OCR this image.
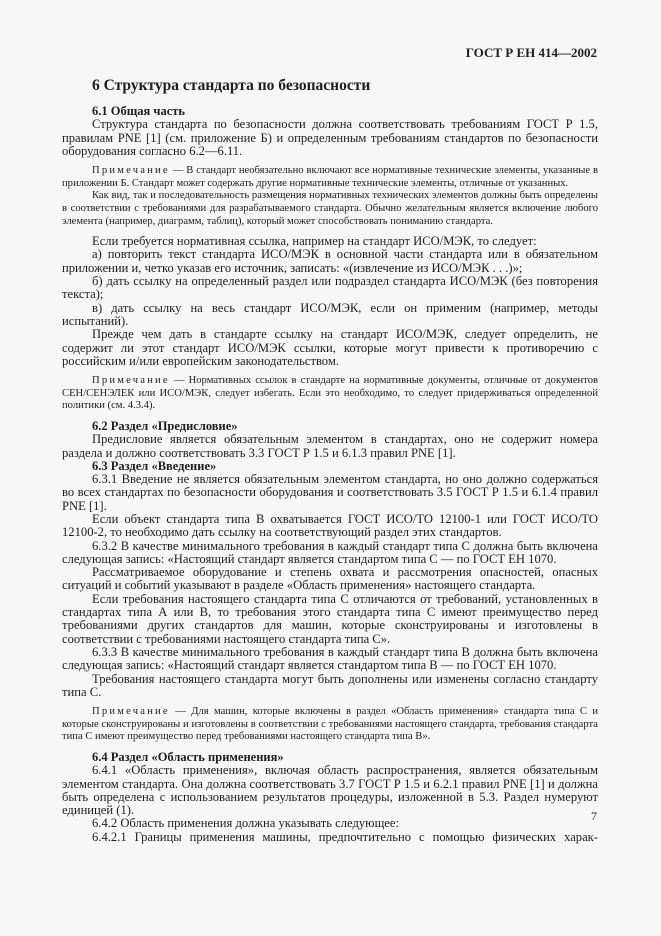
ГОСТ Р ЕН 414—2002
6 Структура стандарта по безопасности

6.1 Общая часть

Структура стандарта по безопасности должна соответствовать требованиям ГОСТ Р 1.5, правилам PNE [1] (см. приложение Б) и определенным требованиям стандартов по безопасности оборудования согласно 6.2—6.11.

Примечание — В стандарт необязательно включают все нормативные технические элементы, указанные в приложении Б. Стандарт может содержать другие нормативные технические элементы, отличные от указанных.

Как вид, так и последовательность размещения нормативных технических элементов должны быть определены в соответствии с требованиями для разрабатываемого стандарта. Обычно желательным является включение любого элемента (например, диаграмм, таблиц), который может способствовать пониманию стандарта.

Если требуется нормативная ссылка, например на стандарт ИСО/МЭК, то следует:

а) повторить текст стандарта ИСО/МЭК в основной части стандарта или в обязательном приложении и, четко указав его источник, записать: «(извлечение из ИСО/МЭК . . .)»;

б) дать ссылку на определенный раздел или подраздел стандарта ИСО/МЭК (без повторения текста);

в) дать ссылку на весь стандарт ИСО/МЭК, если он применим (например, методы испытаний).

Прежде чем дать в стандарте ссылку на стандарт ИСО/МЭК, следует определить, не содержит ли этот стандарт ИСО/МЭК ссылки, которые могут привести к противоречию с российским и/или европейским законодательством.

Примечание — Нормативных ссылок в стандарте на нормативные документы, отличные от документов СЕН/СЕНЭЛЕК или ИСО/МЭК, следует избегать. Если это необходимо, то следует придерживаться определенной политики (см. 4.3.4).

6.2 Раздел «Предисловие»

Предисловие является обязательным элементом в стандартах, оно не содержит номера раздела и должно соответствовать 3.3 ГОСТ Р 1.5 и 6.1.3 правил PNE [1].

6.3 Раздел «Введение»

6.3.1 Введение не является обязательным элементом стандарта, но оно должно содержаться во всех стандартах по безопасности оборудования и соответствовать 3.5 ГОСТ Р 1.5 и 6.1.4 правил PNE [1].

Если объект стандарта типа В охватывается ГОСТ ИСО/ТО 12100-1 или ГОСТ ИСО/ТО 12100-2, то необходимо дать ссылку на соответствующий раздел этих стандартов.

6.3.2 В качестве минимального требования в каждый стандарт типа С должна быть включена следующая запись: «Настоящий стандарт является стандартом типа С — по ГОСТ ЕН 1070.

Рассматриваемое оборудование и степень охвата и рассмотрения опасностей, опасных ситуаций и событий указывают в разделе «Область применения» настоящего стандарта.

Если требования настоящего стандарта типа С отличаются от требований, установленных в стандартах типа А или В, то требования этого стандарта типа С имеют преимущество перед требованиями других стандартов для машин, которые сконструированы и изготовлены в соответствии с требованиями настоящего стандарта типа С».

6.3.3 В качестве минимального требования в каждый стандарт типа В должна быть включена следующая запись: «Настоящий стандарт является стандартом типа В — по ГОСТ ЕН 1070.

Требования настоящего стандарта могут быть дополнены или изменены согласно стандарту типа С.

Примечание — Для машин, которые включены в раздел «Область применения» стандарта типа С и которые сконструированы и изготовлены в соответствии с требованиями настоящего стандарта, требования стандарта типа С имеют преимущество перед требованиями настоящего стандарта типа В».

6.4 Раздел «Область применения»

6.4.1 «Область применения», включая область распространения, является обязательным элементом стандарта. Она должна соответствовать 3.7 ГОСТ Р 1.5 и 6.2.1 правил PNE [1] и должна быть определена с использованием результатов процедуры, изложенной в 5.3. Раздел нумеруют единицей (1).

6.4.2 Область применения должна указывать следующее:

6.4.2.1 Границы применения машины, предпочтительно с помощью физических харак-

7
